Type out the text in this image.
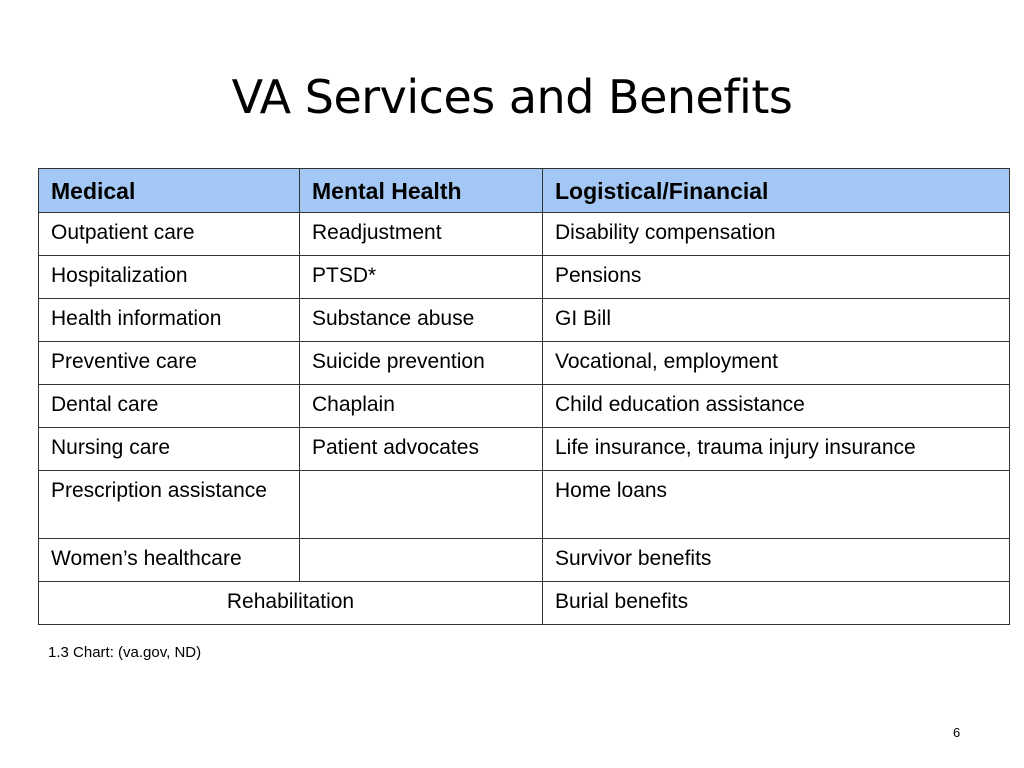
VA Services and Benefits
Medical	Mental Health	Logistical/Financial
Outpatient care	Readjustment	Disability compensation
Hospitalization	PTSD*	Pensions
Health information	Substance abuse	GI Bill
Preventive care	Suicide prevention	Vocational, employment
Dental care	Chaplain	Child education assistance
Nursing care	Patient advocates	Life insurance, trauma injury insurance
Prescription assistance		Home loans
Women’s healthcare		Survivor benefits
Rehabilitation		Burial benefits
1.3 Chart: (va.gov, ND)
6
